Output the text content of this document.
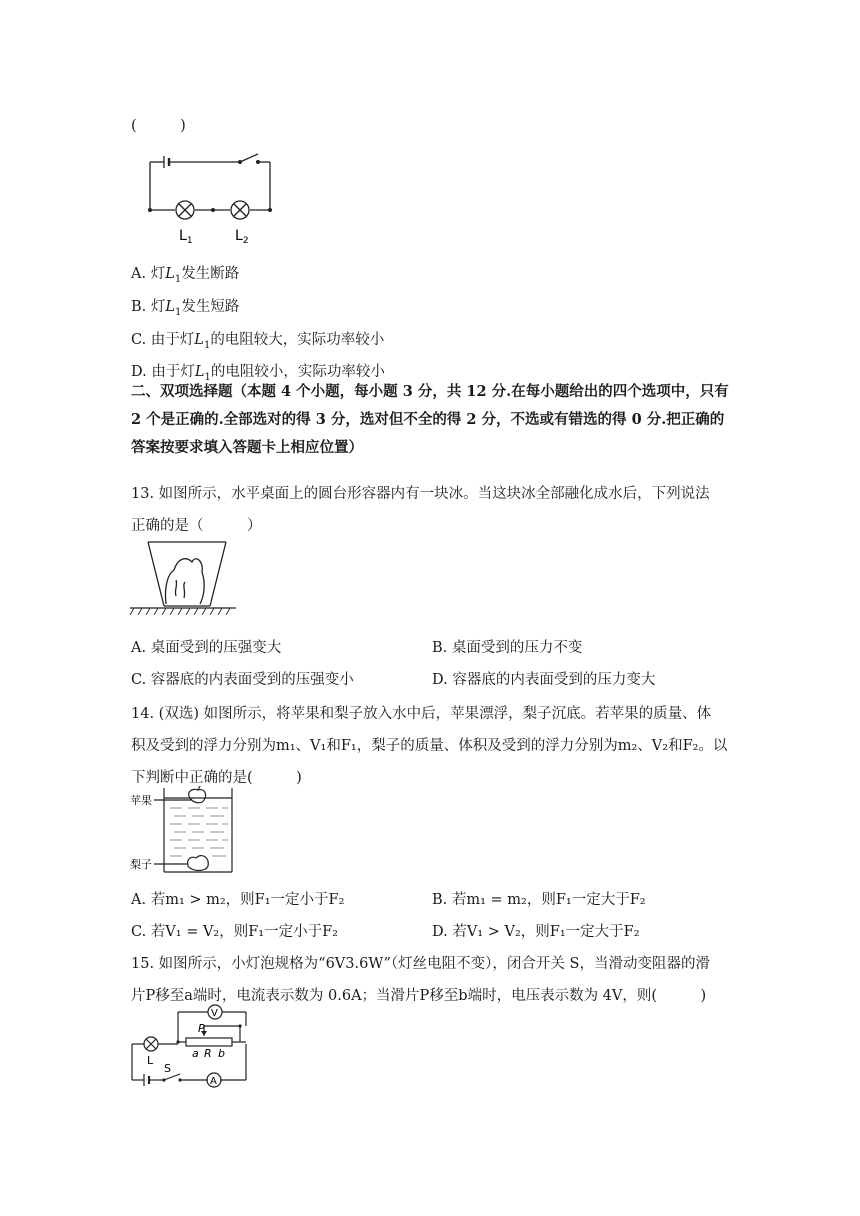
(　　　)
$L_1$	$L_2$
A. 灯$L_1$发生断路
B. 灯$L_1$发生短路
C. 由于灯$L_1$的电阻较大，实际功率较小
D. 由于灯$L_1$的电阻较小，实际功率较小
二、双项选择题（本题 4 个小题，每小题 3 分，共 12 分.在每小题给出的四个选项中，只有
2 个是正确的.全部选对的得 3 分，选对但不全的得 2 分，不选或有错选的得 0 分.把正确的
答案按要求填入答题卡上相应位置）
13. 如图所示，水平桌面上的圆台形容器内有一块冰。当这块冰全部融化成水后，下列说法
正确的是（　　　）
A. 桌面受到的压强变大	B. 桌面受到的压力不变
C. 容器底的内表面受到的压强变小	D. 容器底的内表面受到的压力变大
14. (双选) 如图所示，将苹果和梨子放入水中后，苹果漂浮，梨子沉底。若苹果的质量、体
积及受到的浮力分别为m₁、V₁和F₁，梨子的质量、体积及受到的浮力分别为m₂、V₂和F₂。以
下判断中正确的是(　　　)
苹果
梨子
A. 若m₁ > m₂，则F₁一定小于F₂	B. 若m₁ = m₂，则F₁一定大于F₂
C. 若V₁ = V₂，则F₁一定小于F₂	D. 若V₁ > V₂，则F₁一定大于F₂
15. 如图所示，小灯泡规格为“6V3.6W”（灯丝电阻不变），闭合开关 S，当滑动变阻器的滑
片P移至a端时，电流表示数为 0.6A；当滑片P移至b端时，电压表示数为 4V，则(　　　)
V
A
P
a R b
L
S
